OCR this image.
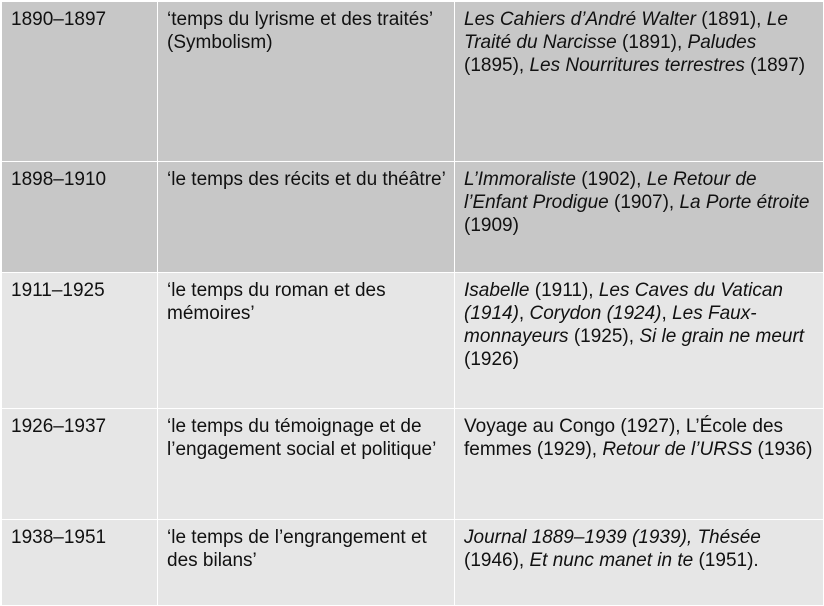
1890–1897	‘temps du lyrisme et des traités’ (Symbolism)	Les Cahiers d’André Walter (1891), Le Traité du Narcisse (1891), Paludes (1895), Les Nourritures terrestres (1897)
1898–1910	‘le temps des récits et du théâtre’	L’Immoraliste (1902), Le Retour de l’Enfant Prodigue (1907), La Porte étroite (1909)
1911–1925	‘le temps du roman et des mémoires’	Isabelle (1911), Les Caves du Vatican (1914), Corydon (1924), Les Faux-monnayeurs (1925), Si le grain ne meurt (1926)
1926–1937	‘le temps du témoignage et de l’engagement social et politique’	Voyage au Congo (1927), L’École des femmes (1929), Retour de l’URSS (1936)
1938–1951	‘le temps de l’engrangement et des bilans’	Journal 1889–1939 (1939), Thésée (1946), Et nunc manet in te (1951).
